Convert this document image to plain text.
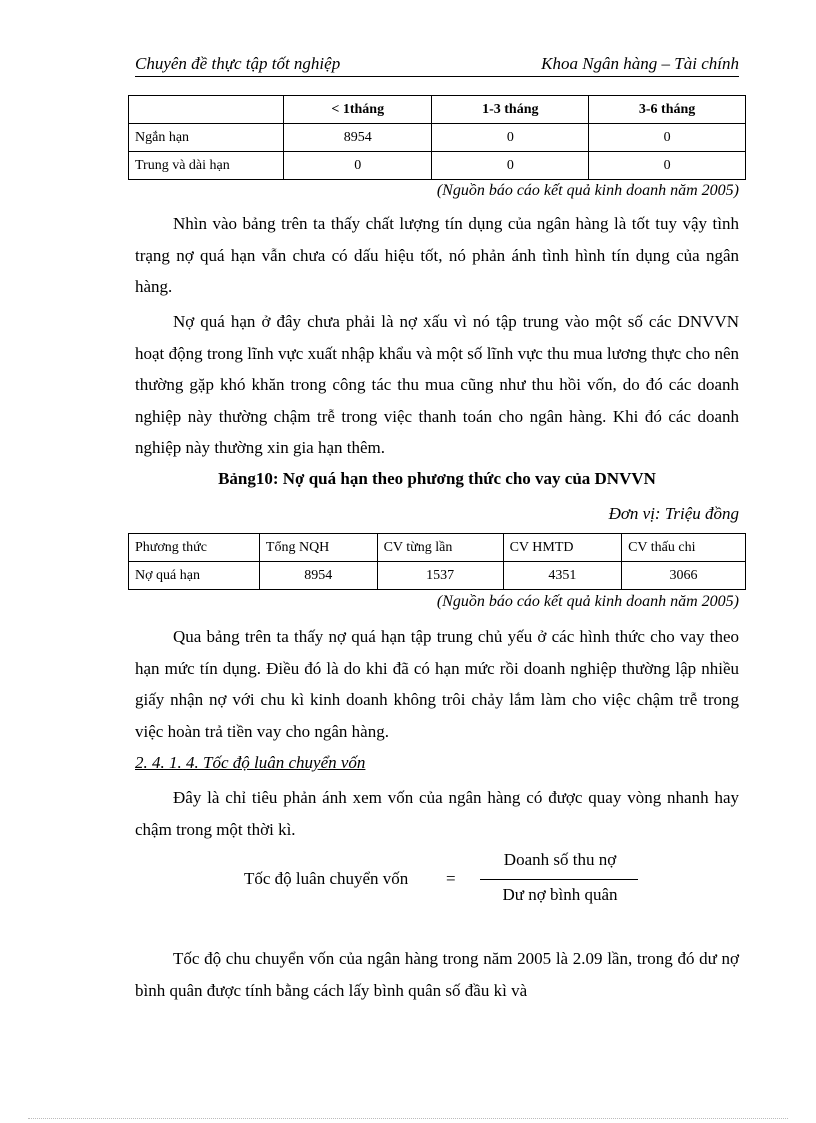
Chuyên đề thực tập tốt nghiệp	Khoa Ngân hàng – Tài chính
	< 1tháng	1-3 tháng	3-6 tháng
Ngắn hạn	8954	0	0
Trung và dài hạn	0	0	0
(Nguồn báo cáo kết quả kinh doanh năm 2005)

Nhìn vào bảng trên ta thấy chất lượng tín dụng của ngân hàng là tốt tuy vậy tình trạng nợ quá hạn vẫn chưa có dấu hiệu tốt, nó phản ánh tình hình tín dụng của ngân hàng.

Nợ quá hạn ở đây chưa phải là nợ xấu vì nó tập trung vào một số các DNVVN hoạt động trong lĩnh vực xuất nhập khẩu và một số lĩnh vực thu mua lương thực cho nên thường gặp khó khăn trong công tác thu mua cũng như thu hồi vốn, do đó các doanh nghiệp này thường chậm trễ trong việc thanh toán cho ngân hàng. Khi đó các doanh nghiệp này thường xin gia hạn thêm.

Bảng10: Nợ quá hạn theo phương thức cho vay của DNVVN
Đơn vị: Triệu đồng
Phương thức	Tổng NQH	CV từng lần	CV HMTD	CV thấu chi
Nợ quá hạn	8954	1537	4351	3066
(Nguồn báo cáo kết quả kinh doanh năm 2005)

Qua bảng trên ta thấy nợ quá hạn tập trung chủ yếu ở các hình thức cho vay theo hạn mức tín dụng. Điều đó là do khi đã có hạn mức rồi doanh nghiệp thường lập nhiều giấy nhận nợ với chu kì kinh doanh không trôi chảy lắm làm cho việc chậm trễ trong việc hoàn trả tiền vay cho ngân hàng.

2. 4. 1. 4. Tốc độ luân chuyển vốn

Đây là chỉ tiêu phản ánh xem vốn của ngân hàng có được quay vòng nhanh hay chậm trong một thời kì.

Tốc độ luân chuyển vốn =
Doanh số thu nợ
Dư nợ bình quân

Tốc độ chu chuyển vốn của ngân hàng trong năm 2005 là 2.09 lần, trong đó dư nợ bình quân được tính bằng cách lấy bình quân số đầu kì và
